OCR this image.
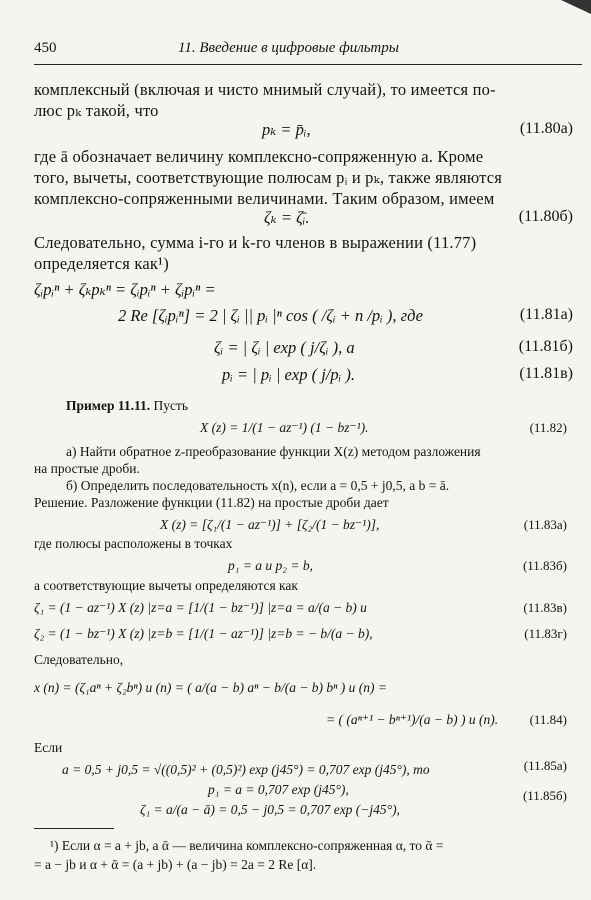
450	11. Введение в цифровые фильтры
комплексный (включая и чисто мнимый случай), то имеется по-
люс pₖ такой, что
pₖ = p̄ᵢ,	(11.80а)
где ā обозначает величину комплексно-сопряженную a. Кроме
того, вычеты, соответствующие полюсам pᵢ и pₖ, также являются
комплексно-сопряженными величинами. Таким образом, имеем
ζₖ = ζ̄ᵢ.	(11.80б)
Следовательно, сумма i-го и k-го членов в выражении (11.77)
определяется как¹)
ζᵢpᵢⁿ + ζₖpₖⁿ = ζᵢpᵢⁿ + ζᵢpᵢⁿ =
2 Re [ζᵢpᵢⁿ] = 2 | ζᵢ || pᵢ |ⁿ cos ( /ζᵢ + n /pᵢ ), где	(11.81а)
ζᵢ = | ζᵢ | exp ( j/ζᵢ ), а	(11.81б)
pᵢ = | pᵢ | exp ( j/pᵢ ).	(11.81в)
Пример 11.11. Пусть
X (z) = 1/(1 − az⁻¹) (1 − bz⁻¹).	(11.82)
а) Найти обратное z-преобразование функции X(z) методом разложения
на простые дроби.
б) Определить последовательность x(n), если a = 0,5 + j0,5, а b = ā.
Решение. Разложение функции (11.82) на простые дроби дает
X (z) = [ζ₁/(1 − az⁻¹)] + [ζ₂/(1 − bz⁻¹)],	(11.83а)
где полюсы расположены в точках
p₁ = a и p₂ = b,	(11.83б)
а соответствующие вычеты определяются как
ζ₁ = (1 − az⁻¹) X (z) |z=a = [1/(1 − bz⁻¹)] |z=a = a/(a − b) и	(11.83в)
ζ₂ = (1 − bz⁻¹) X (z) |z=b = [1/(1 − az⁻¹)] |z=b = − b/(a − b),	(11.83г)
Следовательно,
x (n) = (ζ₁aⁿ + ζ₂bⁿ) u (n) = ( a/(a − b) aⁿ − b/(a − b) bⁿ ) u (n) =
= ( (aⁿ⁺¹ − bⁿ⁺¹)/(a − b) ) u (n). (11.84)
Если
a = 0,5 + j0,5 = √((0,5)² + (0,5)²) exp (j45°) = 0,707 exp (j45°), то	(11.85а)
p₁ = a = 0,707 exp (j45°),
ζ₁ = a/(a − ā) = 0,5 − j0,5 = 0,707 exp (−j45°),
(11.85б)
¹) Если α = a + jb, а ᾱ — величина комплексно-сопряженная α, то ᾱ =
= a − jb и α + ᾱ = (a + jb) + (a − jb) = 2a = 2 Re [α].
